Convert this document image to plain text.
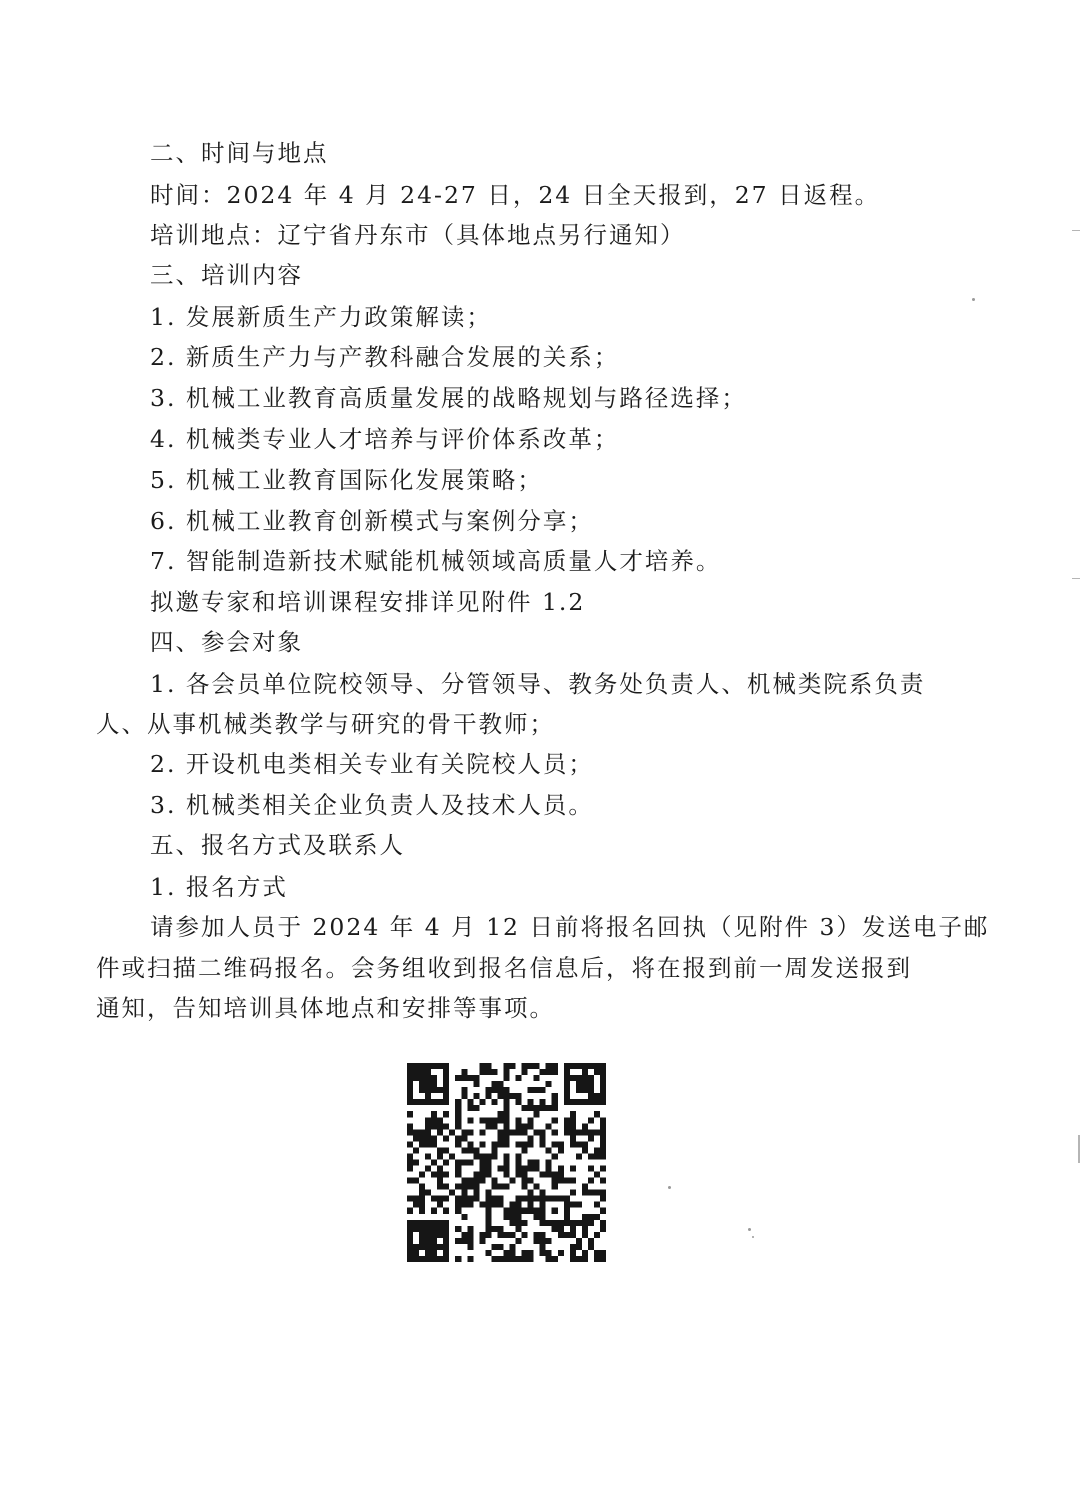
二、时间与地点
时间：2024 年 4 月 24-27 日，24 日全天报到，27 日返程。
培训地点：辽宁省丹东市（具体地点另行通知）
三、培训内容
1. 发展新质生产力政策解读；
2. 新质生产力与产教科融合发展的关系；
3. 机械工业教育高质量发展的战略规划与路径选择；
4. 机械类专业人才培养与评价体系改革；
5. 机械工业教育国际化发展策略；
6. 机械工业教育创新模式与案例分享；
7. 智能制造新技术赋能机械领域高质量人才培养。
拟邀专家和培训课程安排详见附件 1.2
四、参会对象
1. 各会员单位院校领导、分管领导、教务处负责人、机械类院系负责
人、从事机械类教学与研究的骨干教师；
2. 开设机电类相关专业有关院校人员；
3. 机械类相关企业负责人及技术人员。
五、报名方式及联系人
1. 报名方式
请参加人员于 2024 年 4 月 12 日前将报名回执（见附件 3）发送电子邮
件或扫描二维码报名。会务组收到报名信息后，将在报到前一周发送报到
通知，告知培训具体地点和安排等事项。
